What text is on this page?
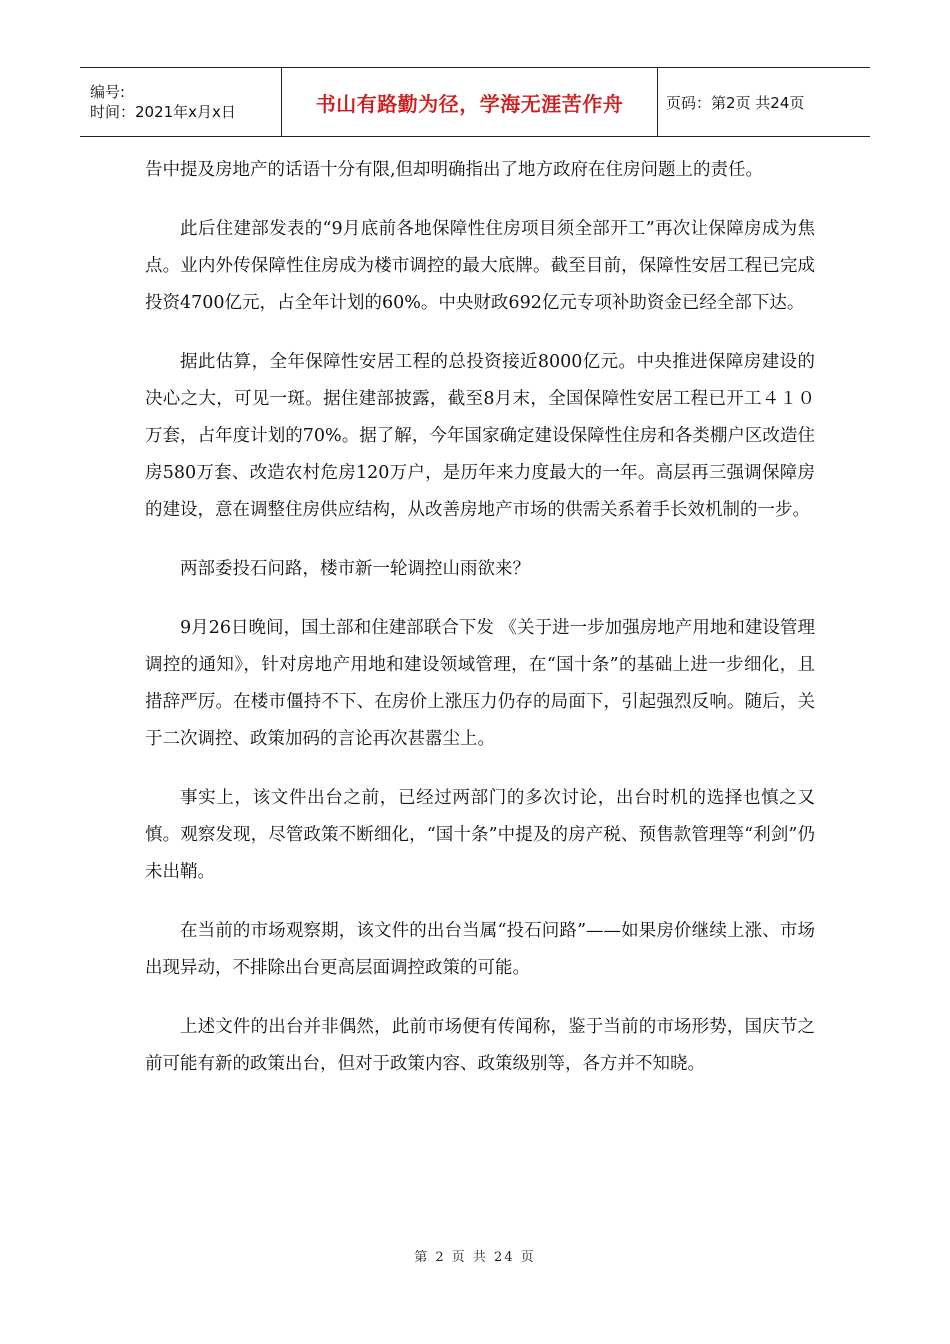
编号:
时间：2021年x月x日	书山有路勤为径，学海无涯苦作舟	页码：第2页 共24页

告中提及房地产的话语十分有限,但却明确指出了地方政府在住房问题上的责任。

此后住建部发表的“9月底前各地保障性住房项目须全部开工”再次让保障房成为焦点。业内外传保障性住房成为楼市调控的最大底牌。截至目前，保障性安居工程已完成投资4700亿元，占全年计划的60%。中央财政692亿元专项补助资金已经全部下达。

据此估算，全年保障性安居工程的总投资接近8000亿元。中央推进保障房建设的决心之大，可见一斑。据住建部披露，截至8月末，全国保障性安居工程已开工４１０万套，占年度计划的70%。据了解，今年国家确定建设保障性住房和各类棚户区改造住房580万套、改造农村危房120万户，是历年来力度最大的一年。高层再三强调保障房的建设，意在调整住房供应结构，从改善房地产市场的供需关系着手长效机制的一步。

两部委投石问路，楼市新一轮调控山雨欲来？

9月26日晚间，国土部和住建部联合下发 《关于进一步加强房地产用地和建设管理调控的通知》，针对房地产用地和建设领域管理，在“国十条”的基础上进一步细化，且措辞严厉。在楼市僵持不下、在房价上涨压力仍存的局面下，引起强烈反响。随后，关于二次调控、政策加码的言论再次甚嚣尘上。

事实上，该文件出台之前，已经过两部门的多次讨论，出台时机的选择也慎之又慎。观察发现，尽管政策不断细化，“国十条”中提及的房产税、预售款管理等“利剑”仍未出鞘。

在当前的市场观察期，该文件的出台当属“投石问路”——如果房价继续上涨、市场出现异动，不排除出台更高层面调控政策的可能。

上述文件的出台并非偶然，此前市场便有传闻称，鉴于当前的市场形势，国庆节之前可能有新的政策出台，但对于政策内容、政策级别等，各方并不知晓。

第 2 页 共 24 页
